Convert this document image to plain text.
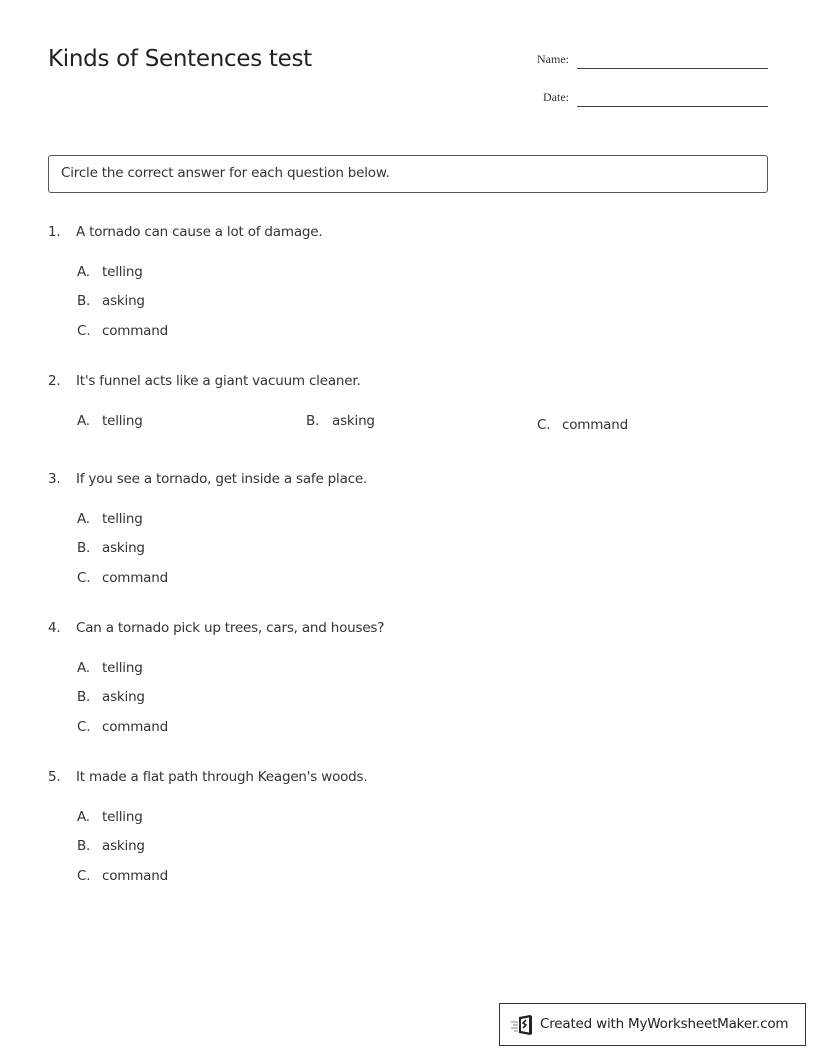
Kinds of Sentences test	Name:
Date:
Circle the correct answer for each question below.
1. A tornado can cause a lot of damage.
A. telling
B. asking
C. command
2. It's funnel acts like a giant vacuum cleaner.
A. telling	B. asking	C. command
3. If you see a tornado, get inside a safe place.
A. telling
B. asking
C. command
4. Can a tornado pick up trees, cars, and houses?
A. telling
B. asking
C. command
5. It made a flat path through Keagen's woods.
A. telling
B. asking
C. command
Created with MyWorksheetMaker.com
